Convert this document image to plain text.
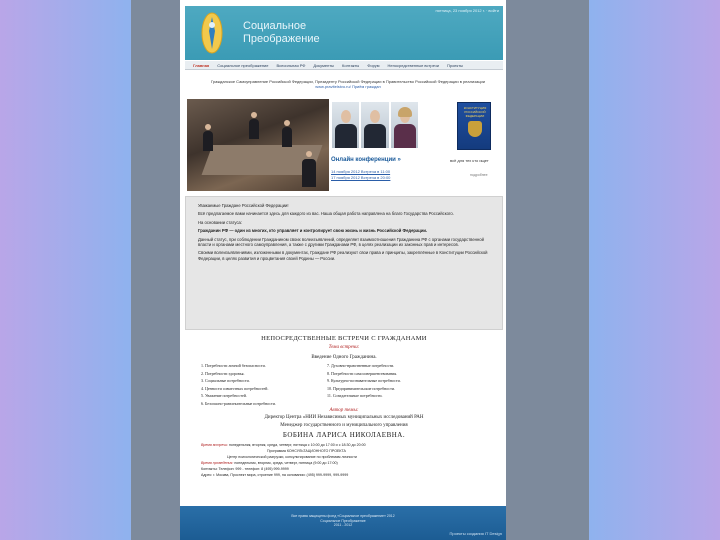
Социальное
Преображение
пятница, 23 ноября 2012 г. · войти
Главная Социальное преображение Всесильная РФ Документы Контакты Форум Непосредственные встречи Проекты
Гражданское Самоуправление Российской Федерации, Президенту Российской Федерации в Правительство Российской Федерации в реализации
www.pravitelstvo.ru/ Приём граждан
КОНСТИТУЦИЯ РОССИЙСКОЙ ФЕДЕРАЦИИ
Онлайн конференции »
14 ноября 2012 Встреча в 11:00
17 ноября 2012 Встреча в 20:00
всё для тех кто ищет
подробнее

Уважаемые Граждане Российской Федерации!

Всё предлагаемое вами начинается здесь для каждого из вас. Наша общая работа направлена на благо Государства Российского.

На основании статуса:

Гражданин РФ — один из многих, кто управляет и контролирует свою жизнь и жизнь Российской Федерации.

Данный статус, при соблюдении Гражданином своих волеизъявлений, определяет взаимоотношения Гражданина РФ с органами государственной власти и органами местного самоуправления, а также с другими Гражданами РФ, в целях реализации их законных прав и интересов.

Своими волеизъявлениями, изложенными в документах, Граждане РФ реализуют свои права и принципы, закреплённые в Конституции Российской Федерации, в целях развития и процветания своей Родины — России.

НЕПОСРЕДСТВЕННЫЕ ВСТРЕЧИ С ГРАЖДАНАМИ
Тема встречи:
Введение Одного Гражданина.
1. Потребности личной безопасности.
2. Потребности здоровья.
3. Социальные потребности.
4. Ценности совместных потребностей.
5. Уважение потребностей.
6. Безопасно-развлекательные потребности.
7. Духовно-нравственные потребности.
8. Потребности самосовершенствования.
9. Культурно-познавательные потребности.
10. Предпринимательские потребности.
11. Созидательные потребности.
Автор темы:
Директор Центра «НИИ Независимых муниципальных исследований РАН
Менеджер государственного и муниципального управления
БОБИНА ЛАРИСА НИКОЛАЕВНА.
Время встречи: понедельник, вторник, среда, четверг, пятница с 10:00 до 17:00 и с 18:30 до 20:00
Программа КОНСУЛЬТАЦИОННОГО ПРОЕКТА
Центр психологической разгрузки, консультирование по проблемам личности
Время проведения: понедельник, вторник, среда, четверг, пятница (9:00 до 17:00)
Контакты: Телефон: 999 - телефон: 8 (495) 999-9999
Адрес: г. Москва, Проспект мира, строение 999, на основании: (495) 999-9999, 999-9999
Все права защищены фонд «Социальное преображение» 2012
Социальное Преображение
2011 - 2012
Проекты создания IT Design
